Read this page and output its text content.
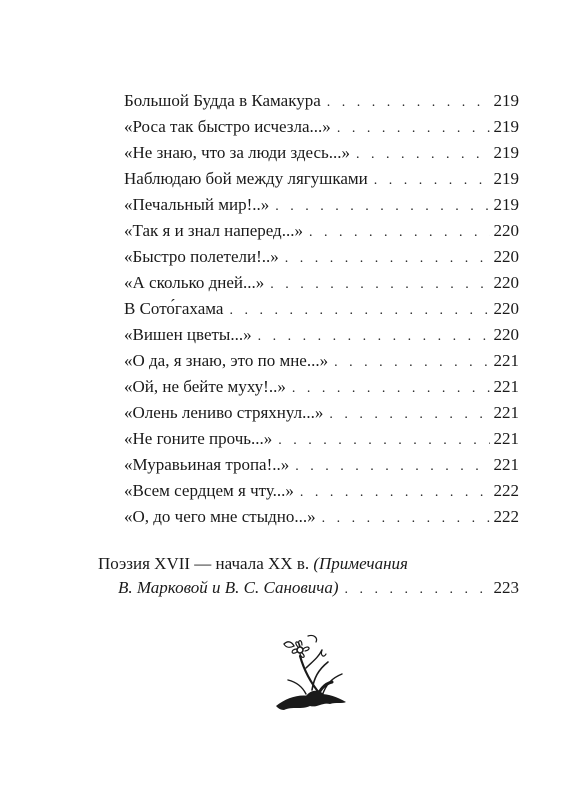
Большой Будда в Камакура . . .	219
«Роса так быстро исчезла...» . . .	219
«Не знаю, что за люди здесь...» . . .	219
Наблюдаю бой между лягушками . . .	219
«Печальный мир!..» . . .	219
«Так я и знал наперед...» . . .	220
«Быстро полетели!..» . . .	220
«А сколько дней...» . . .	220
В Сото́гахама . . .	220
«Вишен цветы...» . . .	220
«О да, я знаю, это по мне...» . . .	221
«Ой, не бейте муху!..» . . .	221
«Олень лениво стряхнул...» . . .	221
«Не гоните прочь...» . . .	221
«Муравьиная тропа!..» . . .	221
«Всем сердцем я чту...» . . .	222
«О, до чего мне стыдно...» . . .	222
Поэзия XVII — начала XX в. (Примечания
В. Марковой и В. С. Сановича) . . .	223
